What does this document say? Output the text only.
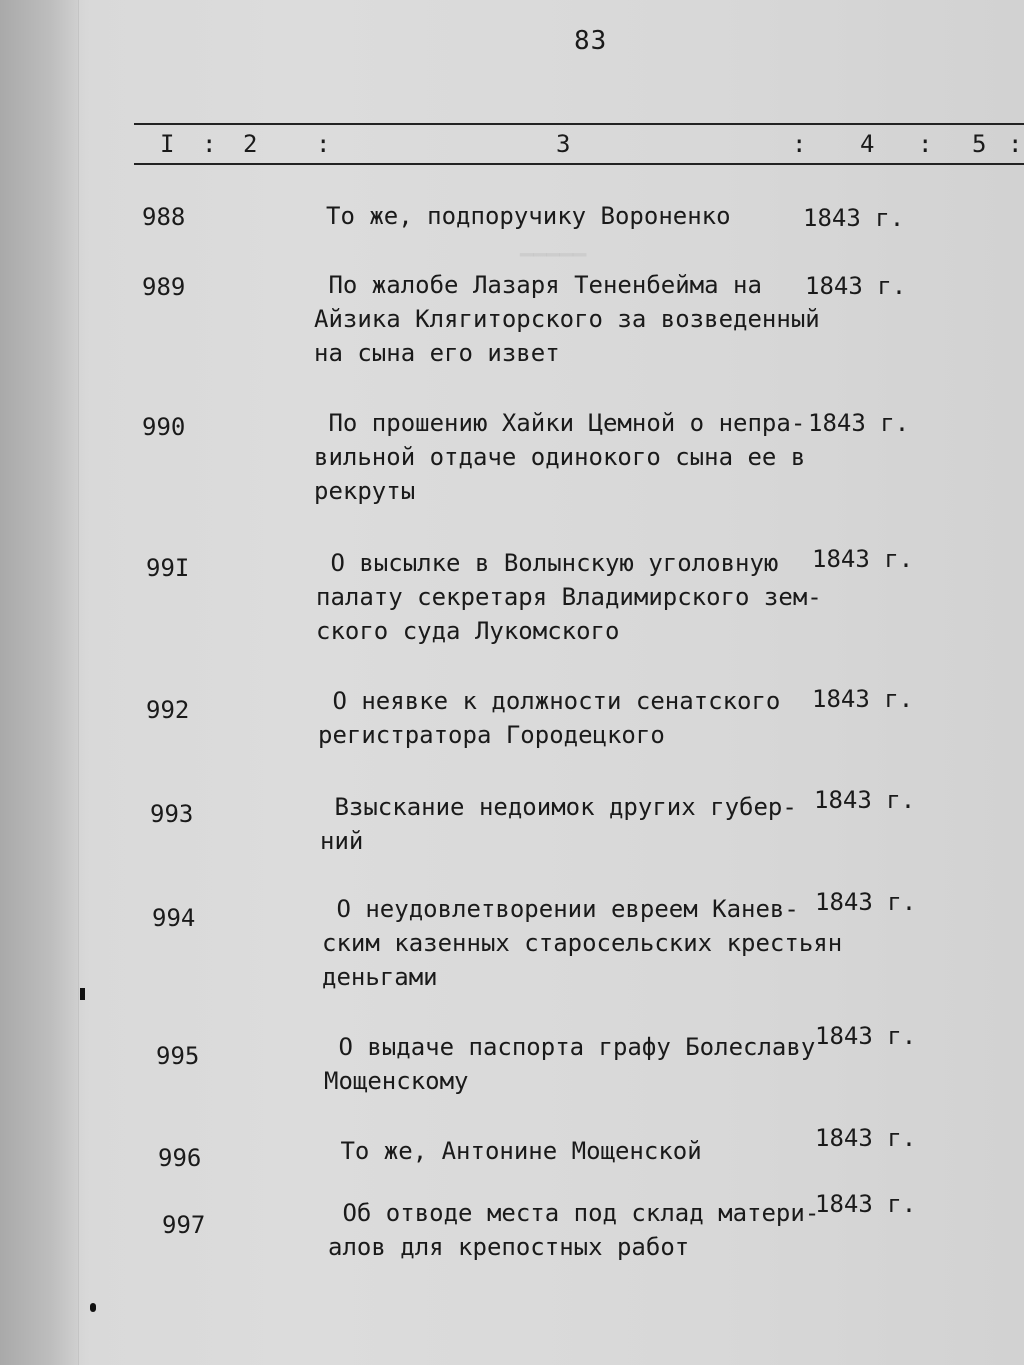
▁▁▁▁▁
83
I : 2 :	3	: 4 : 5 :
988	То же, подпоручику Вороненко	1843 г.
989	По жалобе Лазаря Тененбейма на
Айзика Клягиторского за возведенный
на сына его извет
1843 г.
990	По прошению Хайки Цемной о непра-
вильной отдаче одинокого сына ее в
рекруты
1843 г.
99I	О высылке в Волынскую уголовную
палату секретаря Владимирского зем-
ского суда Лукомского
1843 г.
992	О неявке к должности сенатского
регистратора Городецкого
1843 г.
993	Взыскание недоимок других губер-
ний
1843 г.
994	О неудовлетворении евреем Канев-
ским казенных старосельских крестьян
деньгами
1843 г.
995	О выдаче паспорта графу Болеславу
Мощенскому
1843 г.
996	То же, Антонине Мощенской	1843 г.
997	Об отводе места под склад матери-
алов для крепостных работ
1843 г.
